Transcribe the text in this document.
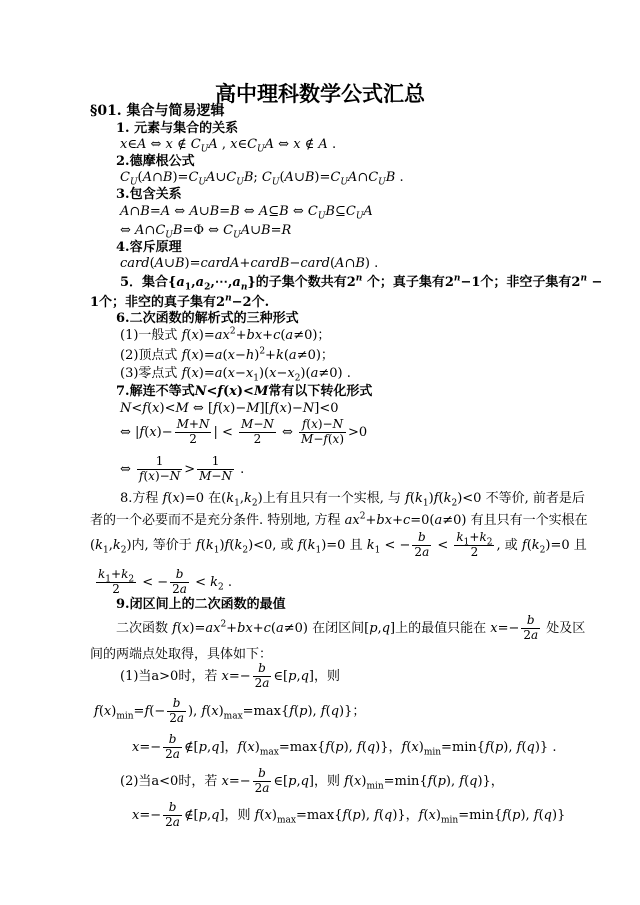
高中理科数学公式汇总
§01. 集合与简易逻辑
1. 元素与集合的关系
x∈A ⇔ x ∉ $C_UA$ , $x\in C_UA$ ⇔ x ∉ A .
2.德摩根公式
$C_U(A\cap B)=C_UA\cup C_UB$; $C_U(A\cup B)=C_UA\cap C_UB$ .
3.包含关系
A∩B=A ⇔ A∪B=B ⇔ A⊆B ⇔ $C_UB⊆C_UA$
⇔ $A\cap C_UB=\Phi$ ⇔ $C_UA\cup B=R$
4.容斥原理
card(A∪B)=cardA+cardB−card(A∩B) .
5．集合$\{a_1,a_2,\cdots,a_n\}$的子集个数共有2$^n$ 个；真子集有$2^n-1$个；非空子集有$2^n$ −
1个；非空的真子集有$2^n-2$个.
6.二次函数的解析式的三种形式
(1)一般式 $f(x)=ax^2+bx+c(a\ne 0)$；
(2)顶点式 $f(x)=a(x-h)^2+k(a\ne 0)$；
(3)零点式 $f(x)=a(x-x_1)(x-x_2)(a\ne 0)$ .
7.解连不等式N<f(x)<M常有以下转化形式
N<f(x)<M ⇔ [f(x)−M][f(x)−N]<0
⇔ $|f(x)- \frac{M+N}{2}$ | < $\frac{M-N}{2}$ ⇔ $\frac{f(x)-N}{M-f(x)} >0$
⇔ $\frac{1}{f(x)-N} > \frac{1}{M-N}$ .
8.方程 f(x)=0 在$(k_1,k_2)$上有且只有一个实根, 与 $f(k_1)f(k_2)<0$ 不等价, 前者是后
者的一个必要而不是充分条件. 特别地, 方程 $ax^2+bx+c=0(a\ne 0)$ 有且只有一个实根在
$(k_1,k_2)$内, 等价于 $f(k_1)f(k_2)<0$, 或 $f(k_1)=0$ 且 $k_1$ < − $\frac{b}{2a} < \frac{k_1+k_2}{2}$ , 或 $f(k_2)=0$ 且
$\frac{k_1+k_2}{2}$ < − $\frac{b}{2a} < k_2$ .
9.闭区间上的二次函数的最值
二次函数 $f(x)=ax^2+bx+c(a\ne 0)$ 在闭区间[p,q]上的最值只能在 $x=- \frac{b}{2a}$ 处及区
间的两端点处取得，具体如下：
(1)当a>0时，若 $x=- \frac{b}{2a}$ ∈[p,q]，则
$f(x)_{min}=f(- \frac{b}{2a}$ ), $f(x)_{max}=\max\{f(p)$, f(q)}；
$x=- \frac{b}{2a}$ ∉[p,q]，$f(x)_{max}=\max\{f(p)$, f(q)}，$f(x)_{min}=\min\{f(p)$, f(q)} .
(2)当a<0时，若 $x=- \frac{b}{2a}$ ∈[p,q]，则 $f(x)_{min}=\min\{f(p)$, f(q)}，
$x=- \frac{b}{2a}$ ∉[p,q]，则 $f(x)_{max}=\max\{f(p)$, f(q)}，$f(x)_{min}=\min\{f(p)$, f(q)}
